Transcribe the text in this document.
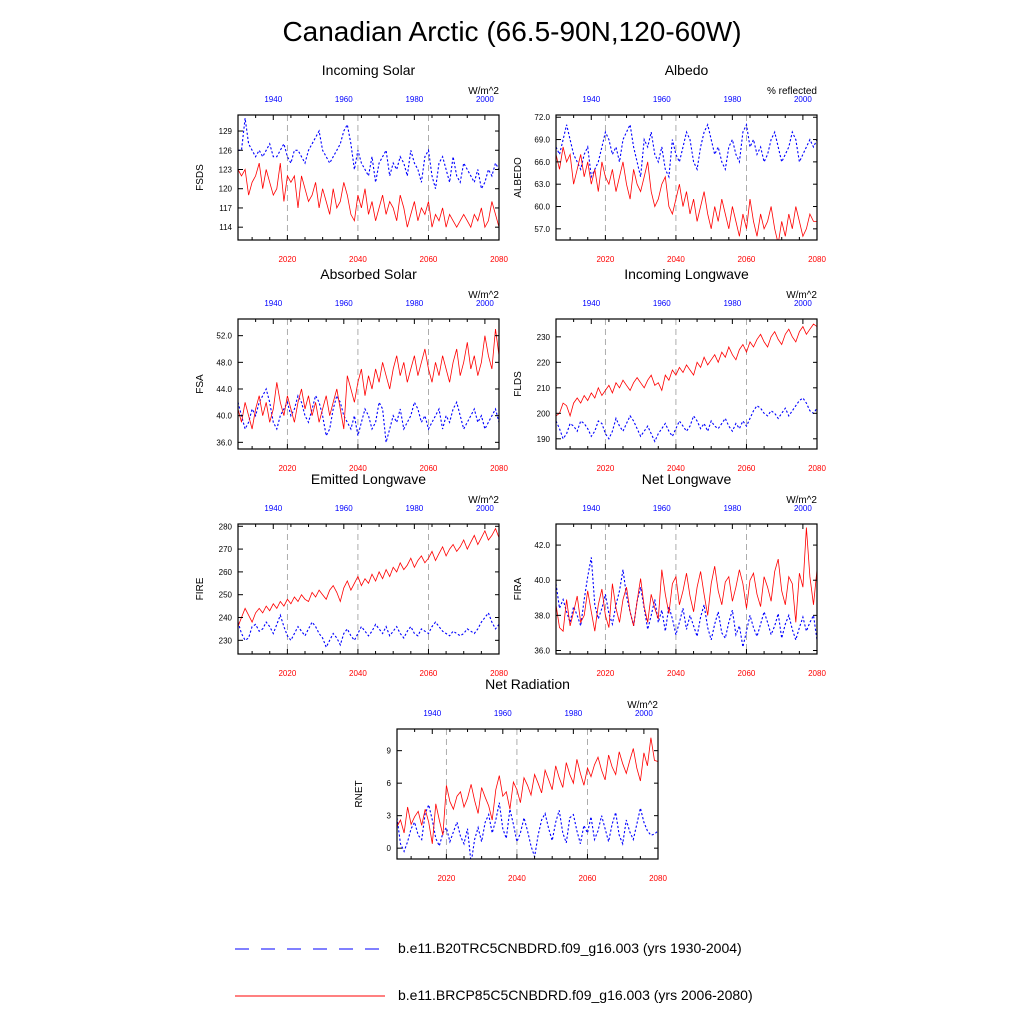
Canadian Arctic (66.5-90N,120-60W)
Incoming Solar
W/m^2
114
117
120
123
126
129
2020	2040	2060	2080
1940	1960	1980	2000
FSDS
Albedo
% reflected
57.0
60.0
63.0
66.0
69.0
72.0
2020	2040	2060	2080
1940	1960	1980	2000
ALBEDO
Absorbed Solar
W/m^2
36.0
40.0
44.0
48.0
52.0
2020	2040	2060	2080
1940	1960	1980	2000
FSA
Incoming Longwave
W/m^2
190
200
210
220
230
2020	2040	2060	2080
1940	1960	1980	2000
FLDS
Emitted Longwave
W/m^2
230
240
250
260
270
280
2020	2040	2060	2080
1940	1960	1980	2000
FIRE
Net Longwave
W/m^2
36.0
38.0
40.0
42.0
2020	2040	2060	2080
1940	1960	1980	2000
FIRA
Net Radiation
W/m^2
0
3
6
9
2020	2040	2060	2080
1940	1960	1980	2000
RNET
b.e11.B20TRC5CNBDRD.f09_g16.003 (yrs 1930-2004)
b.e11.BRCP85C5CNBDRD.f09_g16.003 (yrs 2006-2080)
